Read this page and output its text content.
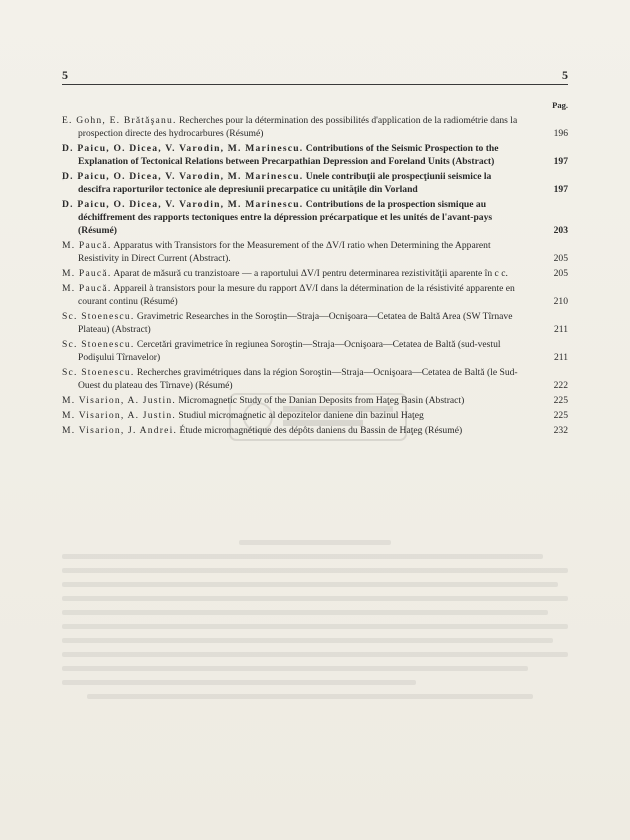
5	5
Pag.
E. Gohn, E. Brătăşanu. Recherches pour la détermination des possibilités d'application de la radiométrie dans la prospection directe des hydrocarbures (Résumé)	196
D. Paicu, O. Dicea, V. Varodin, M. Marinescu. Contributions of the Seismic Prospection to the Explanation of Tectonical Relations between Precarpathian Depression and Foreland Units (Abstract)	197
D. Paicu, O. Dicea, V. Varodin, M. Marinescu. Unele contribuţii ale prospecţiunii seismice la descifra raporturilor tectonice ale depresiunii precarpatice cu unităţile din Vorland	197
D. Paicu, O. Dicea, V. Varodin, M. Marinescu. Contributions de la prospection sismique au déchiffrement des rapports tectoniques entre la dépression précarpatique et les unités de l'avant-pays (Résumé)	203
M. Paucă. Apparatus with Transistors for the Measurement of the ΔV/I ratio when Determining the Apparent Resistivity in Direct Current (Abstract).	205
M. Paucă. Aparat de măsură cu tranzistoare — a raportului ΔV/I pentru determinarea rezistivităţii aparente în c c.	205
M. Paucă. Appareil à transistors pour la mesure du rapport ΔV/I dans la détermination de la résistivité apparente en courant continu (Résumé)	210
Sc. Stoenescu. Gravimetric Researches in the Soroştin—Straja—Ocnişoara—Cetatea de Baltă Area (SW Tîrnave Plateau) (Abstract)	211
Sc. Stoenescu. Cercetări gravimetrice în regiunea Soroştin—Straja—Ocnişoara—Cetatea de Baltă (sud-vestul Podişului Tîrnavelor)	211
Sc. Stoenescu. Recherches gravimétriques dans la région Soroştin—Straja—Ocnişoara—Cetatea de Baltă (le Sud-Ouest du plateau des Tîrnave) (Résumé)	222
M. Visarion, A. Justin. Micromagnetic Study of the Danian Deposits from Haţeg Basin (Abstract)	225
M. Visarion, A. Justin. Studiul micromagnetic al depozitelor daniene din bazinul Haţeg	225
M. Visarion, J. Andrei. Étude micromagnétique des dépôts daniens du Bassin de Haţeg (Résumé)	232
